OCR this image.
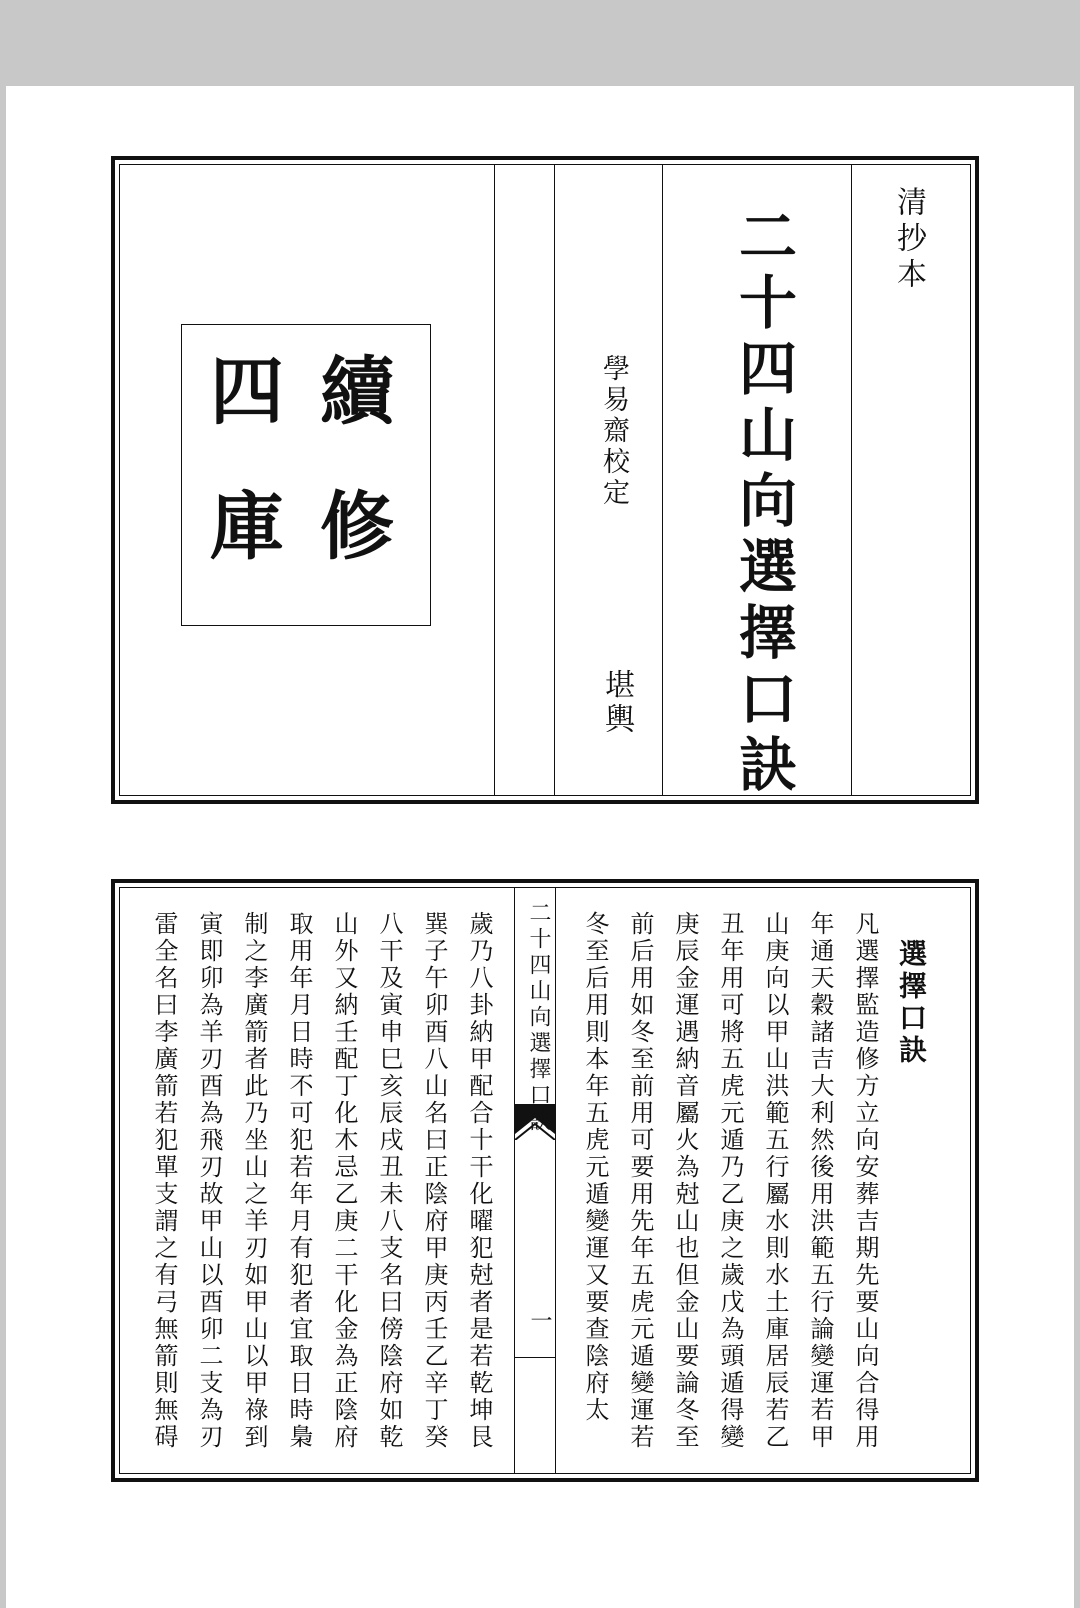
清抄本
二十四山向選擇口訣
學易齋校定
堪輿
續
四
修
庫
二十四山向選擇口訣
一
選擇口訣
凡選擇監造修方立向安葬吉期先要山向合得用
年通天穀諸吉大利然後用洪範五行論變運若甲
山庚向以甲山洪範五行屬水則水土庫居辰若乙
丑年用可將五虎元遁乃乙庚之歲戊為頭遁得變
庚辰金運遇納音屬火為尅山也但金山要論冬至
前后用如冬至前用可要用先年五虎元遁變運若
冬至后用則本年五虎元遁變運又要查陰府太
歲乃八卦納甲配合十干化曜犯尅者是若乾坤艮
巽子午卯酉八山名曰正陰府甲庚丙壬乙辛丁癸
八干及寅申巳亥辰戌丑未八支名曰傍陰府如乾
山外又納壬配丁化木忌乙庚二干化金為正陰府
取用年月日時不可犯若年月有犯者宜取日時梟
制之李廣箭者此乃坐山之羊刃如甲山以甲祿到
寅即卯為羊刃酉為飛刃故甲山以酉卯二支為刃
雷全名曰李廣箭若犯單支謂之有弓無箭則無碍
